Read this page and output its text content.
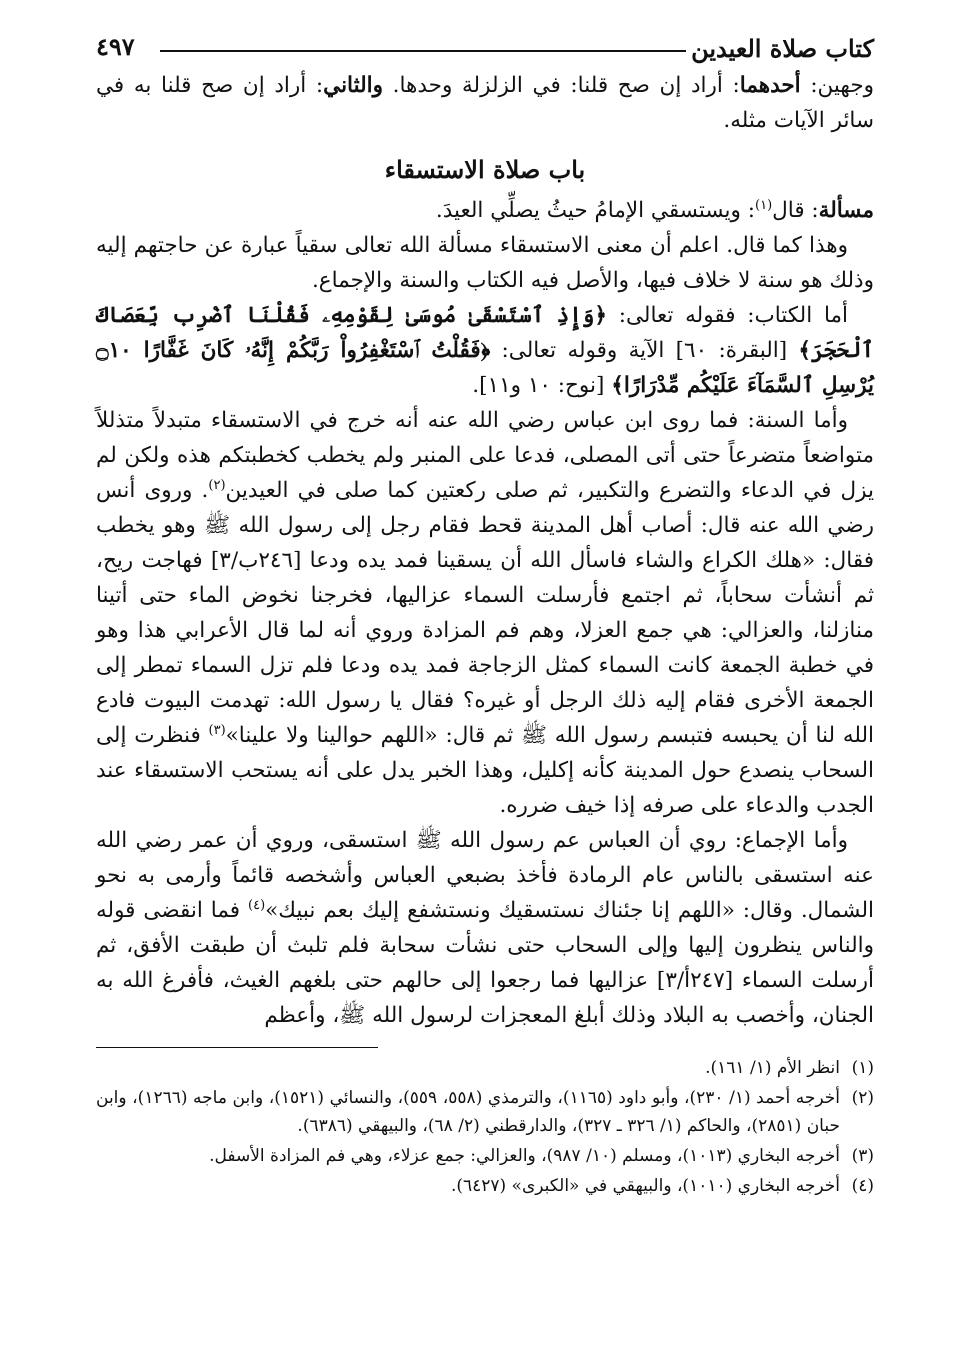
كتاب صلاة العيدين
٤٩٧

وجهين: أحدهما: أراد إن صح قلنا: في الزلزلة وحدها. والثاني: أراد إن صح قلنا به في سائر الآيات مثله.

باب صلاة الاستسقاء

مسألة: قال$^{(١)}$: ويستسقي الإمامُ حيثُ يصلِّي العيدَ.

وهذا كما قال. اعلم أن معنى الاستسقاء مسألة الله تعالى سقياً عبارة عن حاجتهم إليه وذلك هو سنة لا خلاف فيها، والأصل فيه الكتاب والسنة والإجماع.

أما الكتاب: فقوله تعالى: ﴿وَإِذِ ٱسْتَسْقَىٰ مُوسَىٰ لِقَوْمِهِۦ فَقُلْنَا ٱضْرِب بِّعَصَاكَ ٱلْحَجَرَ﴾ [البقرة: ٦٠] الآية وقوله تعالى: ﴿فَقُلْتُ ٱسْتَغْفِرُواْ رَبَّكُمْ إِنَّهُۥ كَانَ غَفَّارًا ۝١٠ يُرْسِلِ ٱلسَّمَآءَ عَلَيْكُم مِّدْرَارًا﴾ [نوح: ١٠ و١١].

وأما السنة: فما روى ابن عباس رضي الله عنه أنه خرج في الاستسقاء متبدلاً متذللاً متواضعاً متضرعاً حتى أتى المصلى، فدعا على المنبر ولم يخطب كخطبتكم هذه ولكن لم يزل في الدعاء والتضرع والتكبير، ثم صلى ركعتين كما صلى في العيدين$^{(٢)}$. وروى أنس رضي الله عنه قال: أصاب أهل المدينة قحط فقام رجل إلى رسول الله ﷺ وهو يخطب فقال: «هلك الكراع والشاء فاسأل الله أن يسقينا فمد يده ودعا [٢٤٦ب/٣] فهاجت ريح، ثم أنشأت سحاباً، ثم اجتمع فأرسلت السماء عزاليها، فخرجنا نخوض الماء حتى أتينا منازلنا، والعزالي: هي جمع العزلا، وهم فم المزادة وروي أنه لما قال الأعرابي هذا وهو في خطبة الجمعة كانت السماء كمثل الزجاجة فمد يده ودعا فلم تزل السماء تمطر إلى الجمعة الأخرى فقام إليه ذلك الرجل أو غيره؟ فقال يا رسول الله: تهدمت البيوت فادع الله لنا أن يحبسه فتبسم رسول الله ﷺ ثم قال: «اللهم حوالينا ولا علينا»$^{(٣)}$ فنظرت إلى السحاب ينصدع حول المدينة كأنه إكليل، وهذا الخبر يدل على أنه يستحب الاستسقاء عند الجدب والدعاء على صرفه إذا خيف ضرره.

وأما الإجماع: روي أن العباس عم رسول الله ﷺ استسقى، وروي أن عمر رضي الله عنه استسقى بالناس عام الرمادة فأخذ بضبعي العباس وأشخصه قائماً وأرمى به نحو الشمال. وقال: «اللهم إنا جئناك نستسقيك ونستشفع إليك بعم نبيك»$^{(٤)}$ فما انقضى قوله والناس ينظرون إليها وإلى السحاب حتى نشأت سحابة فلم تلبث أن طبقت الأفق، ثم أرسلت السماء [٢٤٧أ/٣] عزاليها فما رجعوا إلى حالهم حتى بلغهم الغيث، فأفرغ الله به الجنان، وأخصب به البلاد وذلك أبلغ المعجزات لرسول الله ﷺ، وأعظم

(١)
انظر الأم (١/ ١٦١).
(٢)
أخرجه أحمد (١/ ٢٣٠)، وأبو داود (١١٦٥)، والترمذي (٥٥٨، ٥٥٩)، والنسائي (١٥٢١)، وابن ماجه (١٢٦٦)، وابن حبان (٢٨٥١)، والحاكم (١/ ٣٢٦ ـ ٣٢٧)، والدارقطني (٢/ ٦٨)، والبيهقي (٦٣٨٦).
(٣)
أخرجه البخاري (١٠١٣)، ومسلم (١٠/ ٩٨٧)، والعزالي: جمع عزلاء، وهي فم المزادة الأسفل.
(٤)
أخرجه البخاري (١٠١٠)، والبيهقي في «الكبرى» (٦٤٢٧).
